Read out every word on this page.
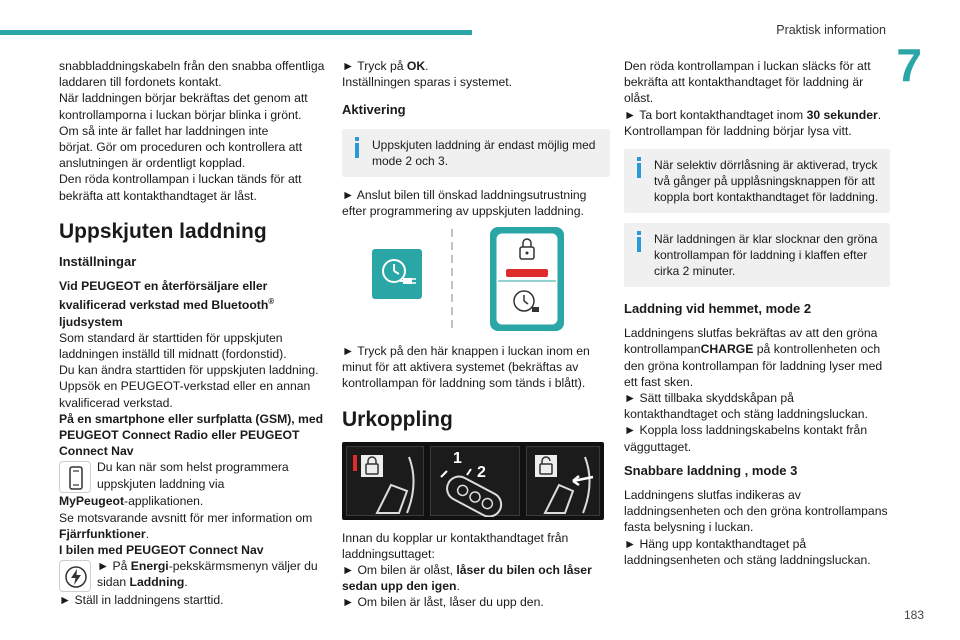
Praktisk information
7
183

snabbladdningskabeln från den snabba offentliga

laddaren till fordonets kontakt.

När laddningen börjar bekräftas det genom att

kontrollamporna i luckan börjar blinka i grönt.

Om så inte är fallet har laddningen inte

börjat. Gör om proceduren och kontrollera att

anslutningen är ordentligt kopplad.

Den röda kontrollampan i luckan tänds för att

bekräfta att kontakthandtaget är låst.

Uppskjuten laddning
Inställningar

Vid PEUGEOT en återförsäljare eller kvalificerad verkstad med Bluetooth® ljudsystem

Som standard är starttiden för uppskjuten

laddningen inställd till midnatt (fordonstid).

Du kan ändra starttiden för uppskjuten laddning.

Uppsök en PEUGEOT-verkstad eller en annan

kvalificerad verkstad.

På en smartphone eller surfplatta (GSM), med PEUGEOT Connect Radio eller PEUGEOT Connect Nav

Du kan när som helst programmera uppskjuten laddning via

MyPeugeot-applikationen.

Se motsvarande avsnitt för mer information om

Fjärrfunktioner.

I bilen med PEUGEOT Connect Nav

► På Energi-pekskärmsmenyn väljer du sidan Laddning.

► Ställ in laddningens starttid.

► Tryck på OK.

Inställningen sparas i systemet.

Aktivering
Uppskjuten laddning är endast möjlig med mode 2 och 3.

► Anslut bilen till önskad laddningsutrustning efter programmering av uppskjuten laddning.

► Tryck på den här knappen i luckan inom en minut för att aktivera systemet (bekräftas av kontrollampan för laddning som tänds i blått).

Urkoppling
1
2

Innan du kopplar ur kontakthandtaget från laddningsuttaget:

► Om bilen är olåst, låser du bilen och låser sedan upp den igen.

► Om bilen är låst, låser du upp den.

Den röda kontrollampan i luckan släcks för att bekräfta att kontakthandtaget för laddning är olåst.

► Ta bort kontakthandtaget inom 30 sekunder.

Kontrollampan för laddning börjar lysa vitt.

När selektiv dörrlåsning är aktiverad, tryck två gånger på upplåsningsknappen för att koppla bort kontakthandtaget för laddning.
När laddningen är klar slocknar den gröna kontrollampan för laddning i klaffen efter cirka 2 minuter.
Laddning vid hemmet, mode 2

Laddningens slutfas bekräftas av att den gröna kontrollampanCHARGE på kontrollenheten och den gröna kontrollampan för laddning lyser med ett fast sken.

► Sätt tillbaka skyddskåpan på kontakthandtaget och stäng laddningsluckan.

► Koppla loss laddningskabelns kontakt från vägguttaget.

Snabbare laddning , mode 3

Laddningens slutfas indikeras av laddningsenheten och den gröna kontrollampans fasta belysning i luckan.

► Häng upp kontakthandtaget på laddningsenheten och stäng laddningsluckan.
